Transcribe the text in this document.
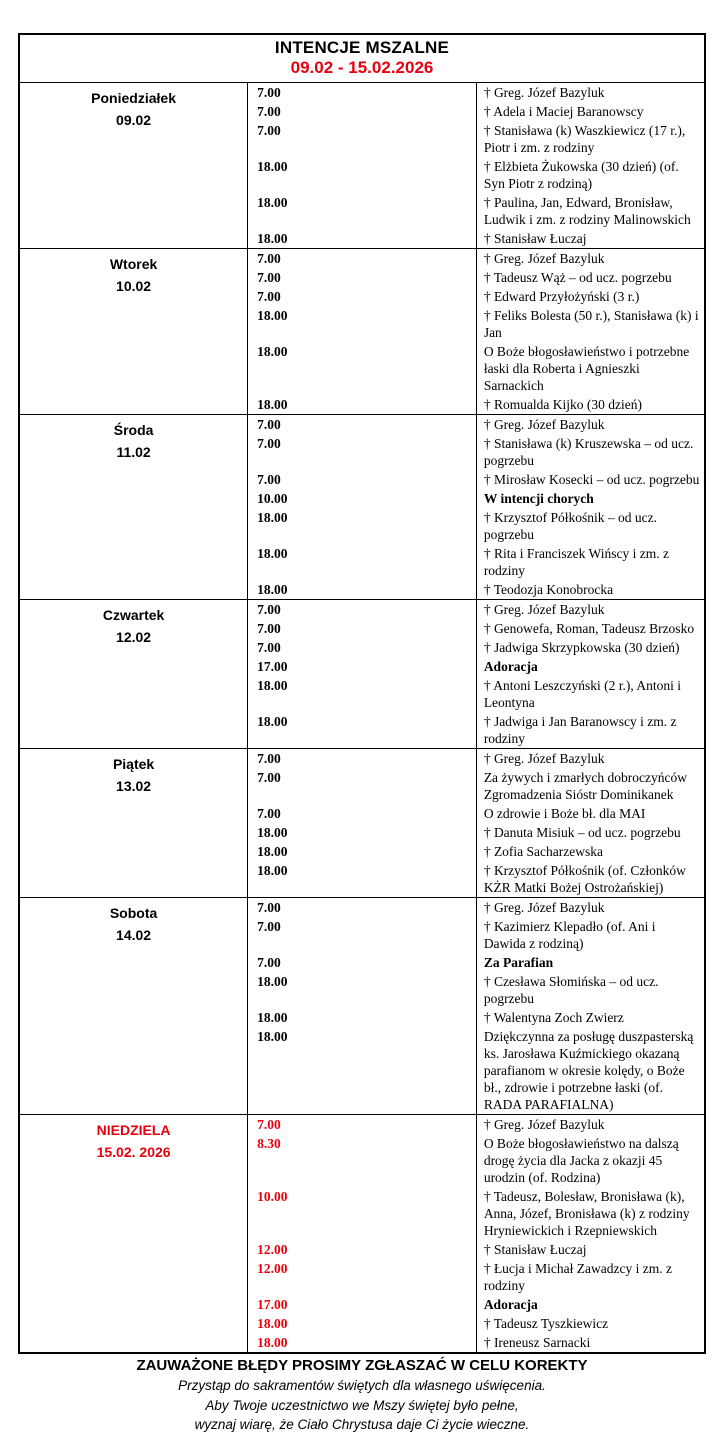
INTENCJE MSZALNE
09.02 - 15.02.2026		

Poniedziałek
09.02	7.00	† Greg. Józef Bazyluk
	7.00	† Adela i Maciej Baranowscy
	7.00	† Stanisława (k) Waszkiewicz (17 r.), Piotr i zm. z rodziny
	18.00	† Elżbieta Żukowska (30 dzień) (of. Syn Piotr z rodziną)
	18.00	† Paulina, Jan, Edward, Bronisław, Ludwik i zm. z rodziny Malinowskich
	18.00	† Stanisław Łuczaj

Wtorek
10.02	7.00	† Greg. Józef Bazyluk
	7.00	† Tadeusz Wąż – od ucz. pogrzebu
	7.00	† Edward Przyłożyński (3 r.)
	18.00	† Feliks Bolesta (50 r.), Stanisława (k) i Jan
	18.00	O Boże błogosławieństwo i potrzebne łaski dla Roberta i Agnieszki Sarnackich
	18.00	† Romualda Kijko (30 dzień)

Środa
11.02	7.00	† Greg. Józef Bazyluk
	7.00	† Stanisława (k) Kruszewska – od ucz. pogrzebu
	7.00	† Mirosław Kosecki – od ucz. pogrzebu
	10.00	W intencji chorych
	18.00	† Krzysztof Półkośnik – od ucz. pogrzebu
	18.00	† Rita i Franciszek Wińscy i zm. z rodziny
	18.00	† Teodozja Konobrocka

Czwartek
12.02	7.00	† Greg. Józef Bazyluk
	7.00	† Genowefa, Roman, Tadeusz Brzosko
	7.00	† Jadwiga Skrzypkowska (30 dzień)
	17.00	Adoracja
	18.00	† Antoni Leszczyński (2 r.), Antoni i Leontyna
	18.00	† Jadwiga i Jan Baranowscy i zm. z rodziny

Piątek
13.02	7.00	† Greg. Józef Bazyluk
	7.00	Za żywych i zmarłych dobroczyńców Zgromadzenia Sióstr Dominikanek
	7.00	O zdrowie i Boże bł. dla MAI
	18.00	† Danuta Misiuk – od ucz. pogrzebu
	18.00	† Zofia Sacharzewska
	18.00	† Krzysztof Półkośnik (of. Członków KŻR Matki Bożej Ostrożańskiej)

Sobota
14.02	7.00	† Greg. Józef Bazyluk
	7.00	† Kazimierz Klepadło (of. Ani i Dawida z rodziną)
	7.00	Za Parafian
	18.00	† Czesława Słomińska – od ucz. pogrzebu
	18.00	† Walentyna Zoch Zwierz
	18.00	Dziękczynna za posługę duszpasterską ks. Jarosława Kuźmickiego okazaną parafianom w okresie kolędy, o Boże bł., zdrowie i potrzebne łaski (of. RADA PARAFIALNA)

NIEDZIELA
15.02. 2026	7.00	† Greg. Józef Bazyluk
	8.30	O Boże błogosławieństwo na dalszą drogę życia dla Jacka z okazji 45 urodzin (of. Rodzina)
	10.00	† Tadeusz, Bolesław, Bronisława (k), Anna, Józef, Bronisława (k) z rodziny Hryniewickich i Rzepniewskich
	12.00	† Stanisław Łuczaj
	12.00	† Łucja i Michał Zawadzcy i zm. z rodziny
	17.00	Adoracja
	18.00	† Tadeusz Tyszkiewicz
	18.00	† Ireneusz Sarnacki
ZAUWAŻONE BŁĘDY PROSIMY ZGŁASZAĆ W CELU KOREKTY
Przystąp do sakramentów świętych dla własnego uświęcenia.
Aby Twoje uczestnictwo we Mszy świętej było pełne,
wyznaj wiarę, że Ciało Chrystusa daje Ci życie wieczne.
